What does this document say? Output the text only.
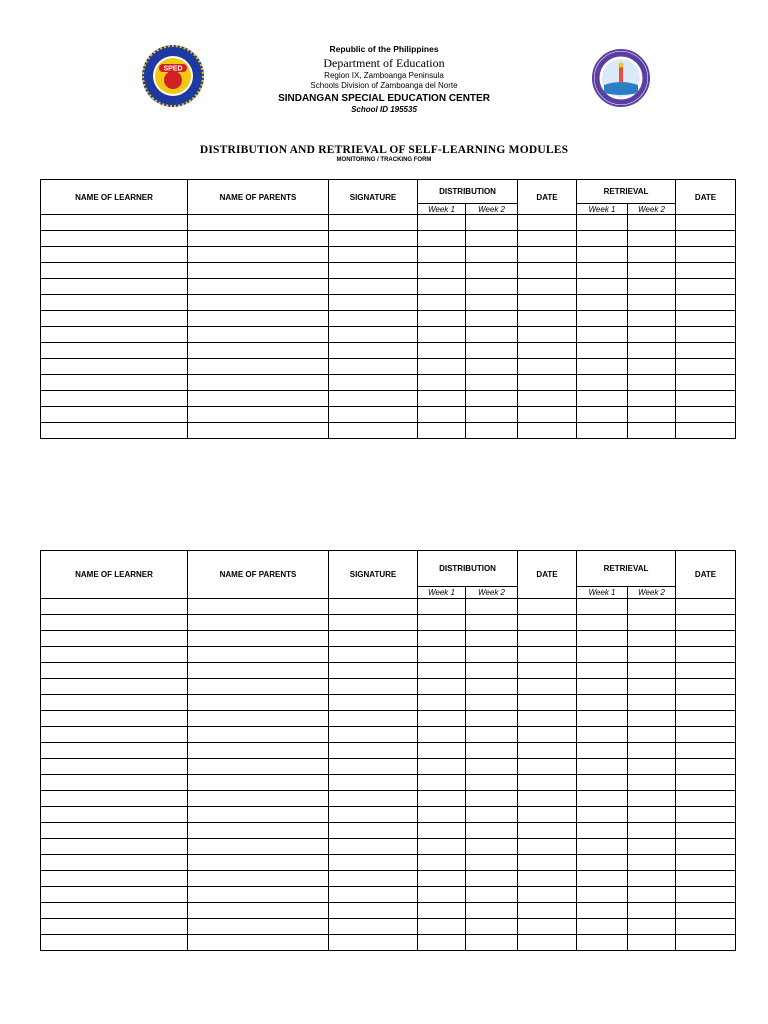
SPED
Republic of the Philippines
Department of Education
Region IX, Zamboanga Peninsula
Schools Division of Zamboanga del Norte
SINDANGAN SPECIAL EDUCATION CENTER
School ID 195535
DISTRIBUTION AND RETRIEVAL OF SELF-LEARNING MODULES
MONITORING / TRACKING FORM
NAME OF LEARNER	NAME OF PARENTS	SIGNATURE	DISTRIBUTION		DATE	RETRIEVAL		DATE
			Week 1	Week 2		Week 1	Week 2	

NAME OF LEARNER	NAME OF PARENTS	SIGNATURE	DISTRIBUTION		DATE	RETRIEVAL		DATE
			Week 1	Week 2		Week 1	Week 2	
